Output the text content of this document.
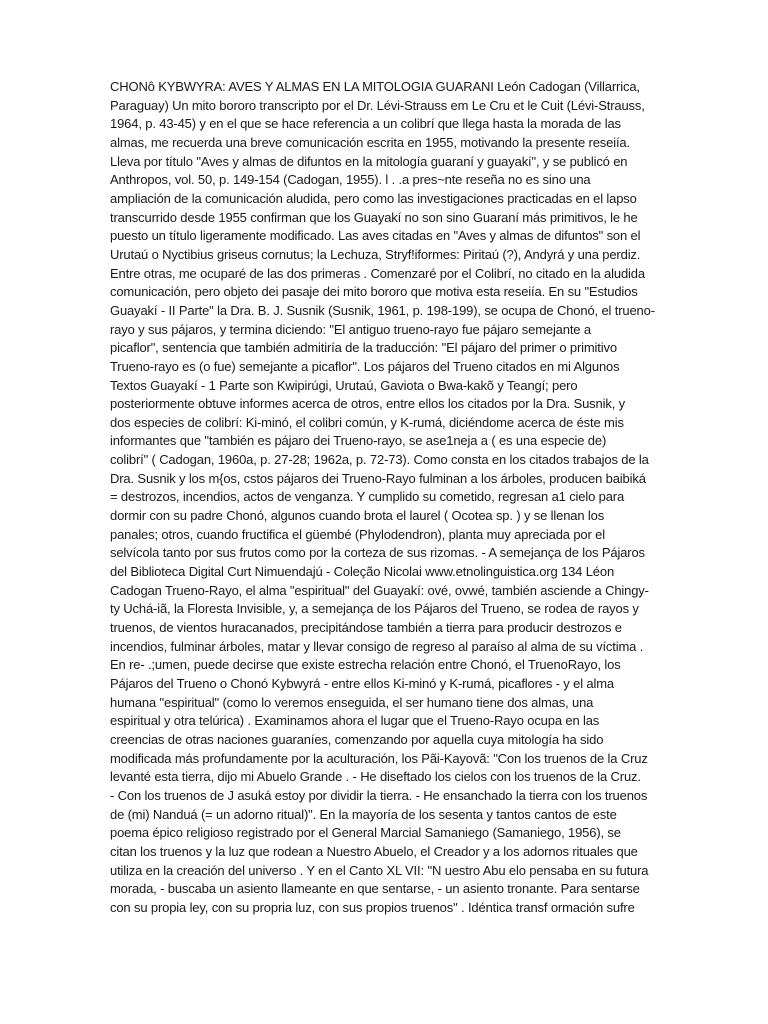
CHONô KYBWYRA: AVES Y ALMAS EN LA MITOLOGIA GUARANI León Cadogan (Villarrica,
Paraguay) Un mito bororo transcripto por el Dr. Lévi-Strauss em Le Cru et le Cuit (Lévi-Strauss,
1964, p. 43-45) y en el que se hace referencia a un colibrí que llega hasta la morada de las
almas, me recuerda una breve comunicación escrita en 1955, motivando la presente reseiía.
Lleva por título "Aves y almas de difuntos en la mitología guaraní y guayakí", y se publicó en
Anthropos, vol. 50, p. 149-154 (Cadogan, 1955). l . .a pres~nte reseña no es sino una
ampliación de la comunicación aludida, pero como las investigaciones practicadas en el lapso
transcurrido desde 1955 confirman que los Guayakí no son sino Guaraní más primitivos, le he
puesto un título ligeramente modificado. Las aves citadas en "Aves y almas de difuntos" son el
Urutaú o Nyctibius griseus cornutus; la Lechuza, Stryf!iformes: Piritaú (?), Andyrá y una perdiz.
Entre otras, me ocuparé de las dos primeras . Comenzaré por el Colibrí, no citado en la aludida
comunicación, pero objeto dei pasaje dei mito bororo que motiva esta reseiía. En su "Estudios
Guayakí - II Parte" la Dra. B. J. Susnik (Susnik, 1961, p. 198-199), se ocupa de Chonó, el trueno-
rayo y sus pájaros, y termina diciendo: "El antiguo trueno-rayo fue pájaro semejante a
picaflor", sentencia que también admitiría de la traducción: ''El pájaro del primer o primitivo
Trueno-rayo es (o fue) semejante a picaflor". Los pájaros del Trueno citados en mi Algunos
Textos Guayakí - 1 Parte son Kwipirúgi, Urutaú, Gaviota o Bwa-kakõ y Teangí; pero
posteriormente obtuve informes acerca de otros, entre ellos los citados por la Dra. Susnik, y
dos especies de colibrí: Ki-minó, el colibri común, y K-rumá, diciéndome acerca de éste mis
informantes que "también es pájaro dei Trueno-rayo, se ase1neja a ( es una especie de)
colibrí" ( Cadogan, 1960a, p. 27-28; 1962a, p. 72-73). Como consta en los citados trabajos de la
Dra. Susnik y los m{os, cstos pájaros dei Trueno-Rayo fulminan a los árboles, producen baibiká
= destrozos, incendios, actos de venganza. Y cumplido su cometido, regresan a1 cielo para
dormir con su padre Chonó, algunos cuando brota el laurel ( Ocotea sp. ) y se llenan los
panales; otros, cuando fructifica el güembé (Phylodendron), planta muy apreciada por el
selvícola tanto por sus frutos como por la corteza de sus rizomas. - A semejança de los Pájaros
del Biblioteca Digital Curt Nimuendajú - Coleção Nicolai www.etnolinguistica.org 134 Léon
Cadogan Trueno-Rayo, el alma "espiritual" del Guayakí: ové, ovwé, también asciende a Chingy-
ty Uchá-iã, la Floresta Invisible, y, a semejança de los Pájaros del Trueno, se rodea de rayos y
truenos, de vientos huracanados, precipitándose también a tierra para producir destrozos e
incendios, fulminar árboles, matar y llevar consigo de regreso al paraíso al alma de su víctima .
En re- .;umen, puede decirse que existe estrecha relación entre Chonó, el TruenoRayo, los
Pájaros del Trueno o Chonó Kybwyrá - entre ellos Ki-minó y K-rumá, picaflores - y el alma
humana "espiritual" (como lo veremos enseguida, el ser humano tiene dos almas, una
espiritual y otra telúrica) . Examinamos ahora el lugar que el Trueno-Rayo ocupa en las
creencias de otras naciones guaraníes, comenzando por aquella cuya mitología ha sido
modificada más profundamente por la aculturación, los Pãi-Kayovã: "Con los truenos de la Cruz
levanté esta tierra, dijo mi Abuelo Grande . - He diseftado los cielos con los truenos de la Cruz.
- Con los truenos de J asuká estoy por dividir la tierra. - He ensanchado la tierra con los truenos
de (mi) Nanduá (= un adorno ritual)". En la mayoría de los sesenta y tantos cantos de este
poema épico religioso registrado por el General Marcial Samaniego (Samaniego, 1956), se
citan los truenos y la luz que rodean a Nuestro Abuelo, el Creador y a los adornos rituales que
utiliza en la creación del universo . Y en el Canto XL VII: ''N uestro Abu elo pensaba en su futura
morada, - buscaba un asiento llameante en que sentarse, - un asiento tronante. Para sentarse
con su propia ley, con su propria luz, con sus propios truenos" . Idéntica transf ormación sufre
